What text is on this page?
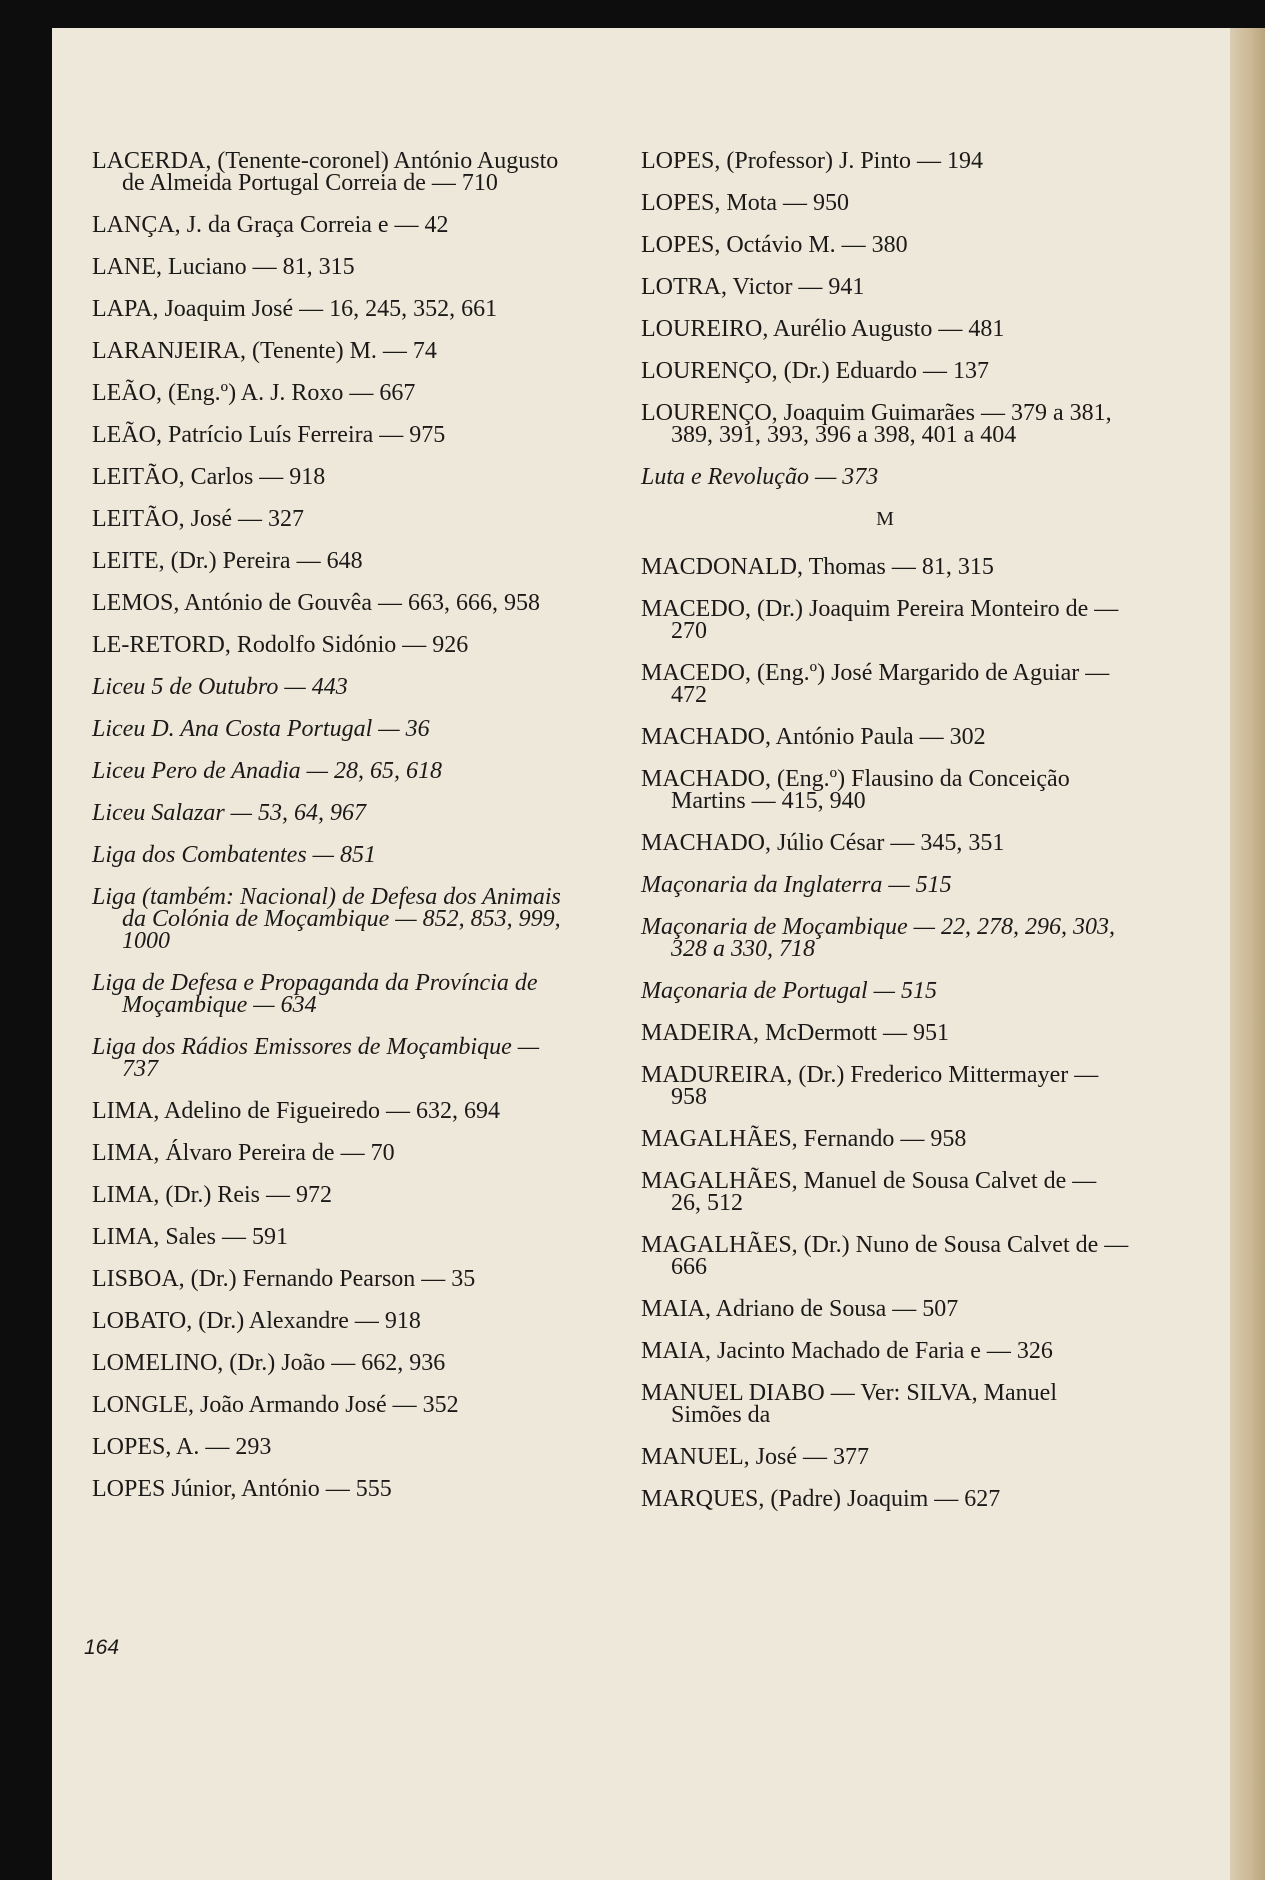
LACERDA, (Tenente-coronel) António Augusto de Almeida Portugal Correia de — 710
LANÇA, J. da Graça Correia e — 42
LANE, Luciano — 81, 315
LAPA, Joaquim José — 16, 245, 352, 661
LARANJEIRA, (Tenente) M. — 74
LEÃO, (Eng.º) A. J. Roxo — 667
LEÃO, Patrício Luís Ferreira — 975
LEITÃO, Carlos — 918
LEITÃO, José — 327
LEITE, (Dr.) Pereira — 648
LEMOS, António de Gouvêa — 663, 666, 958
LE-RETORD, Rodolfo Sidónio — 926
Liceu 5 de Outubro — 443
Liceu D. Ana Costa Portugal — 36
Liceu Pero de Anadia — 28, 65, 618
Liceu Salazar — 53, 64, 967
Liga dos Combatentes — 851
Liga (também: Nacional) de Defesa dos Animais da Colónia de Moçambique — 852, 853, 999, 1000
Liga de Defesa e Propaganda da Província de Moçambique — 634
Liga dos Rádios Emissores de Moçambique — 737
LIMA, Adelino de Figueiredo — 632, 694
LIMA, Álvaro Pereira de — 70
LIMA, (Dr.) Reis — 972
LIMA, Sales — 591
LISBOA, (Dr.) Fernando Pearson — 35
LOBATO, (Dr.) Alexandre — 918
LOMELINO, (Dr.) João — 662, 936
LONGLE, João Armando José — 352
LOPES, A. — 293
LOPES Júnior, António — 555
LOPES, (Professor) J. Pinto — 194
LOPES, Mota — 950
LOPES, Octávio M. — 380
LOTRA, Victor — 941
LOUREIRO, Aurélio Augusto — 481
LOURENÇO, (Dr.) Eduardo — 137
LOURENÇO, Joaquim Guimarães — 379 a 381, 389, 391, 393, 396 a 398, 401 a 404
Luta e Revolução — 373
M
MACDONALD, Thomas — 81, 315
MACEDO, (Dr.) Joaquim Pereira Monteiro de — 270
MACEDO, (Eng.º) José Margarido de Aguiar — 472
MACHADO, António Paula — 302
MACHADO, (Eng.º) Flausino da Conceição Martins — 415, 940
MACHADO, Júlio César — 345, 351
Maçonaria da Inglaterra — 515
Maçonaria de Moçambique — 22, 278, 296, 303, 328 a 330, 718
Maçonaria de Portugal — 515
MADEIRA, McDermott — 951
MADUREIRA, (Dr.) Frederico Mittermayer — 958
MAGALHÃES, Fernando — 958
MAGALHÃES, Manuel de Sousa Calvet de — 26, 512
MAGALHÃES, (Dr.) Nuno de Sousa Calvet de — 666
MAIA, Adriano de Sousa — 507
MAIA, Jacinto Machado de Faria e — 326
MANUEL DIABO — Ver: SILVA, Manuel Simões da
MANUEL, José — 377
MARQUES, (Padre) Joaquim — 627
164
